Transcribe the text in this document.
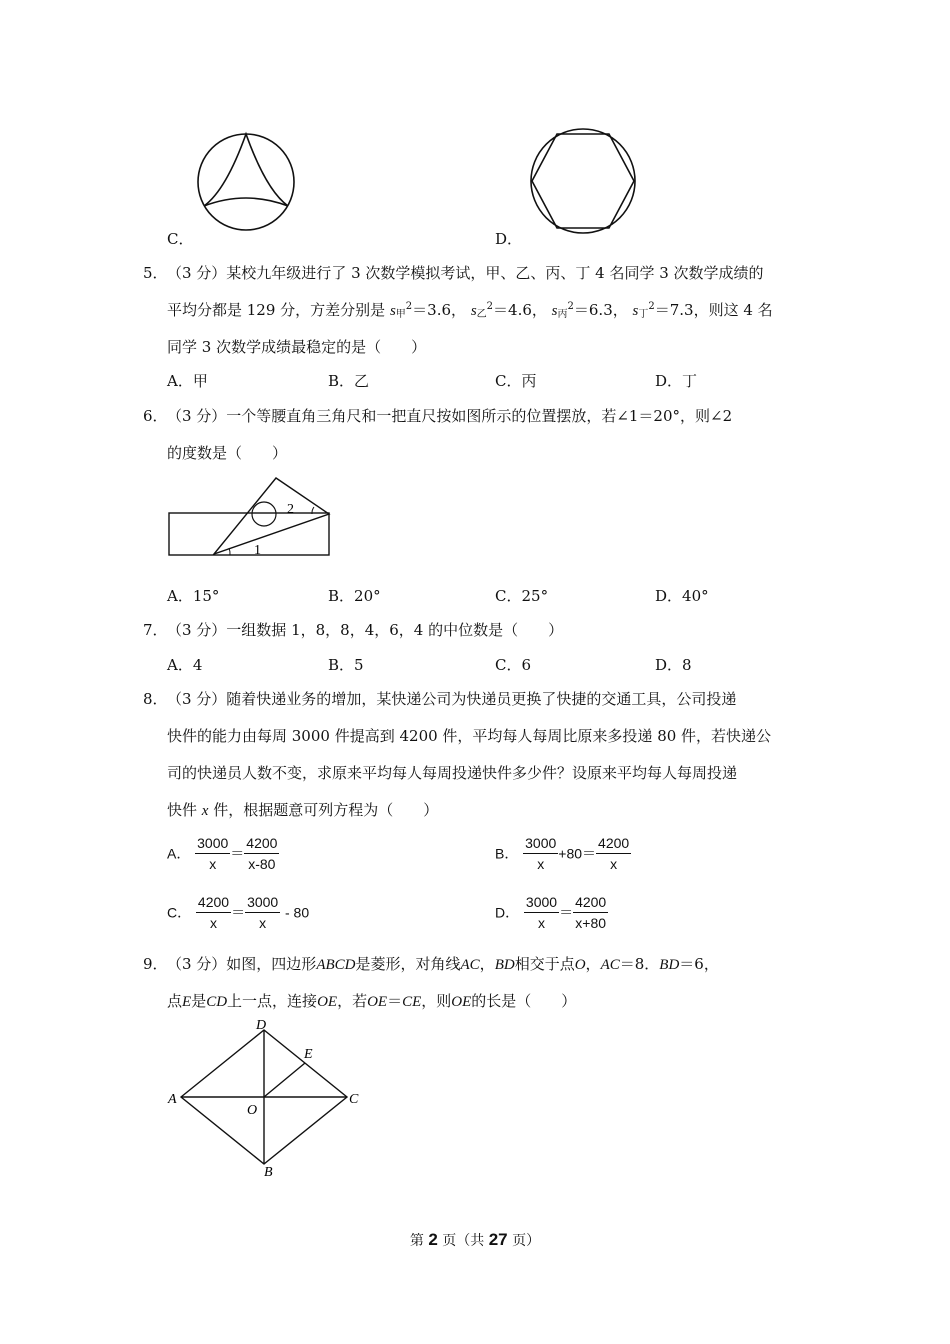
C．	D．
5． （3 分）某校九年级进行了 3 次数学模拟考试，甲、乙、丙、丁 4 名同学 3 次数学成绩的
平均分都是 129 分，方差分别是 $s_甲^2=3.6$， $s_乙^2=4.6$， $s_丙^2=6.3$， $s_丁^2=7.3$，则这 4 名
同学 3 次数学成绩最稳定的是（　　）
A．甲	B．乙	C．丙	D．丁
6． （3 分）一个等腰直角三角尺和一把直尺按如图所示的位置摆放，若∠1＝20°，则∠2
的度数是（　　）
1
2
A．15°	B．20°	C．25°	D．40°
7． （3 分）一组数据 1，8，8，4，6，4 的中位数是（　　）
A．4	B．5	C．6	D．8
8． （3 分）随着快递业务的增加，某快递公司为快递员更换了快捷的交通工具，公司投递
快件的能力由每周 3000 件提高到 4200 件，平均每人每周比原来多投递 80 件，若快递公
司的快递员人数不变，求原来平均每人每周投递快件多少件？设原来平均每人每周投递
快件 x 件，根据题意可列方程为（　　）
A． $\frac{3000}{x} = \frac{4200}{x-80}$	B． $\frac{3000}{x} +80= \frac{4200}{x}$
C． $\frac{4200}{x} = \frac{3000}{x} - 80$	D． $\frac{3000}{x} = \frac{4200}{x+80}$
9． （3 分）如图，四边形ABCD是菱形，对角线AC，BD相交于点O，AC＝8．BD＝6，
点E是CD上一点，连接OE，若OE＝CE，则OE的长是（　　）
A	C
D
B
E
O
第 2 页（共 27 页）
